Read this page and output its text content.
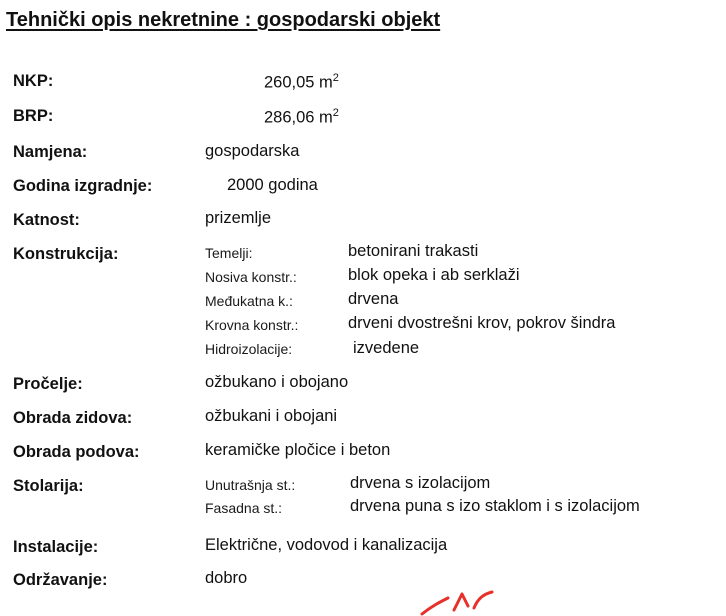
Tehnički opis nekretnine : gospodarski objekt
NKP:	260,05 $m^2$
BRP:	286,06 $m^2$
Namjena:	gospodarska
Godina izgradnje:	2000 godina
Katnost:	prizemlje
Konstrukcija:	Temelji:	betonirani trakasti
Nosiva konstr.:	blok opeka i ab serklaži
Međukatna k.:	drvena
Krovna konstr.:	drveni dvostrešni krov, pokrov šindra
Hidroizolacije:	izvedene
Pročelje:	ožbukano i obojano
Obrada zidova:	ožbukani i obojani
Obrada podova:	keramičke pločice i beton
Stolarija:	Unutrašnja st.:	drvena s izolacijom
Fasadna st.:	drvena puna s izo staklom i s izolacijom
Instalacije:	Električne, vodovod i kanalizacija
Održavanje:	dobro
